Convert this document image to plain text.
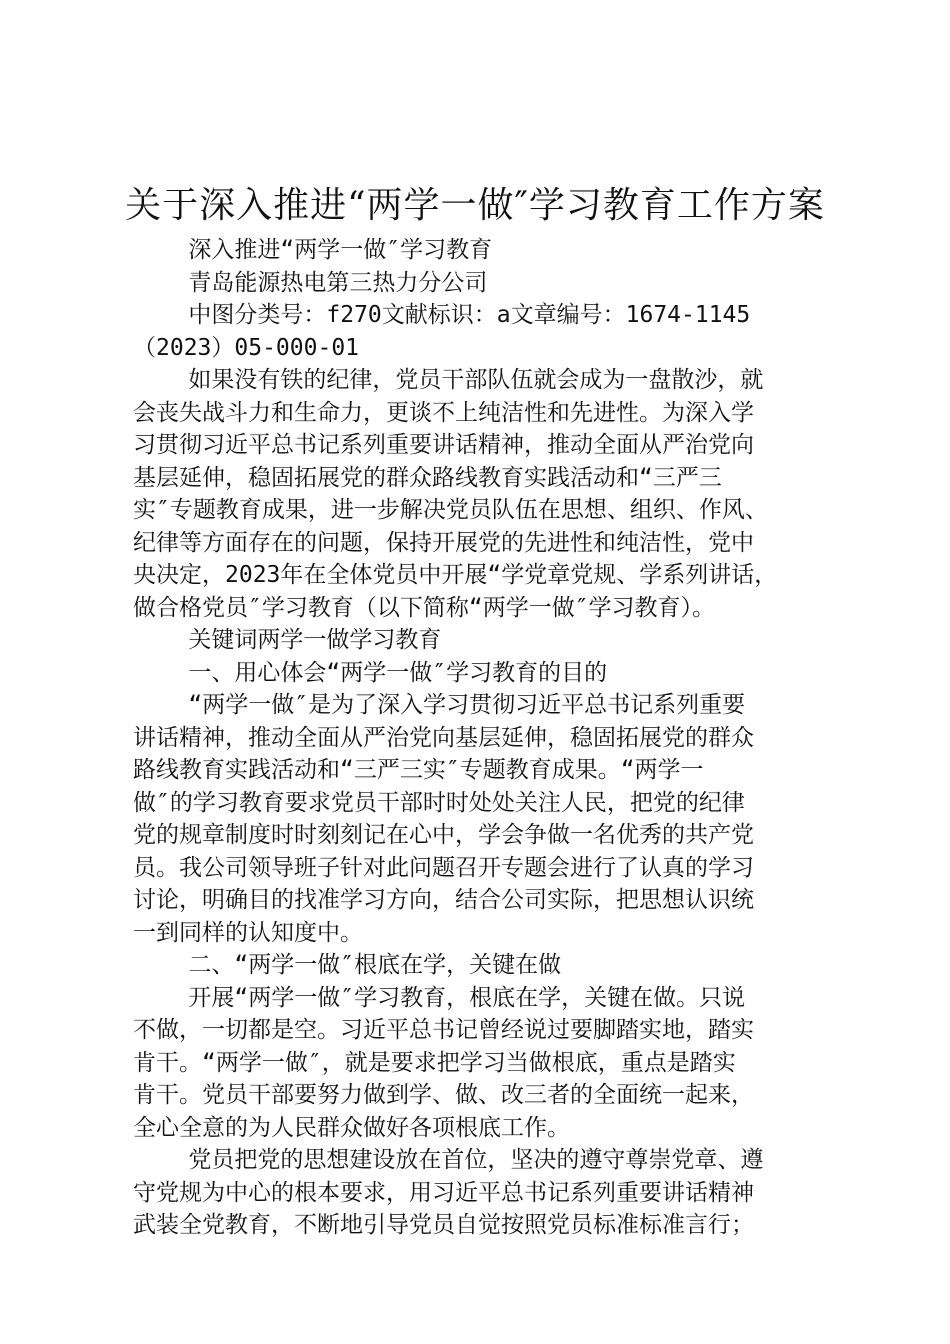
关于深入推进“两学一做″学习教育工作方案
深入推进“两学一做″学习教育
青岛能源热电第三热力分公司
中图分类号：f270文献标识：a文章编号：1674-1145
（2023）05-000-01
如果没有铁的纪律，党员干部队伍就会成为一盘散沙，就
会丧失战斗力和生命力，更谈不上纯洁性和先进性。为深入学
习贯彻习近平总书记系列重要讲话精神，推动全面从严治党向
基层延伸，稳固拓展党的群众路线教育实践活动和“三严三
实″专题教育成果，进一步解决党员队伍在思想、组织、作风、
纪律等方面存在的问题，保持开展党的先进性和纯洁性，党中
央决定，2023年在全体党员中开展“学党章党规、学系列讲话，
做合格党员″学习教育（以下简称“两学一做″学习教育）。
关键词两学一做学习教育
一、用心体会“两学一做″学习教育的目的
“两学一做″是为了深入学习贯彻习近平总书记系列重要
讲话精神，推动全面从严治党向基层延伸，稳固拓展党的群众
路线教育实践活动和“三严三实″专题教育成果。“两学一
做″的学习教育要求党员干部时时处处关注人民，把党的纪律
党的规章制度时时刻刻记在心中，学会争做一名优秀的共产党
员。我公司领导班子针对此问题召开专题会进行了认真的学习
讨论，明确目的找准学习方向，结合公司实际，把思想认识统
一到同样的认知度中。
二、“两学一做″根底在学，关键在做
开展“两学一做″学习教育，根底在学，关键在做。只说
不做，一切都是空。习近平总书记曾经说过要脚踏实地，踏实
肯干。“两学一做″，就是要求把学习当做根底，重点是踏实
肯干。党员干部要努力做到学、做、改三者的全面统一起来，
全心全意的为人民群众做好各项根底工作。
党员把党的思想建设放在首位，坚决的遵守尊崇党章、遵
守党规为中心的根本要求，用习近平总书记系列重要讲话精神
武装全党教育，不断地引导党员自觉按照党员标准标准言行；
